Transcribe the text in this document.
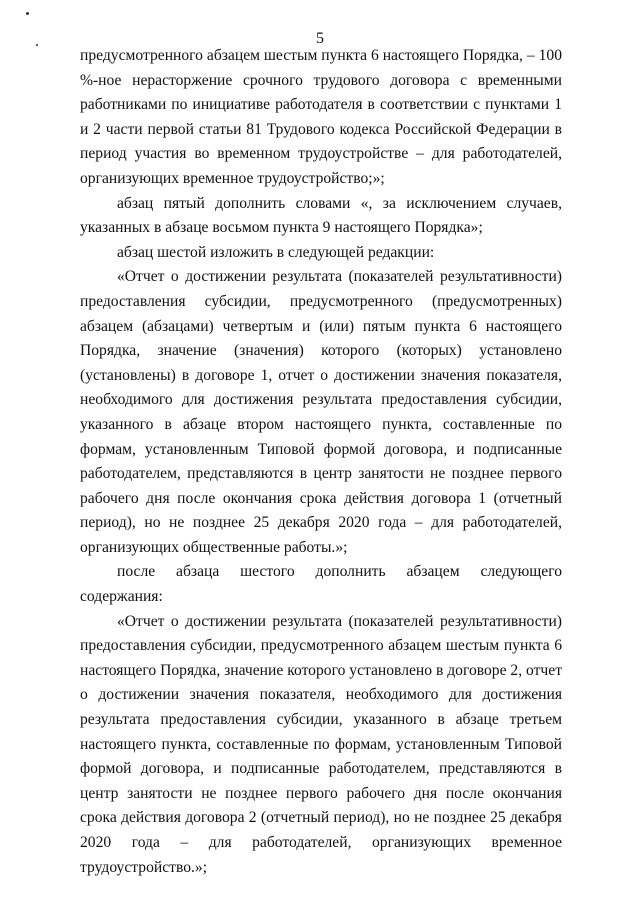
5

предусмотренного абзацем шестым пункта 6 настоящего Порядка, – 100 %-ное нерасторжение срочного трудового договора с временными работниками по инициативе работодателя в соответствии с пунктами 1 и 2 части первой статьи 81 Трудового кодекса Российской Федерации в период участия во временном трудоустройстве – для работодателей, организующих временное трудоустройство;»;

абзац пятый дополнить словами «, за исключением случаев, указанных в абзаце восьмом пункта 9 настоящего Порядка»;

абзац шестой изложить в следующей редакции:

«Отчет о достижении результата (показателей результативности) предоставления субсидии, предусмотренного (предусмотренных) абзацем (абзацами) четвертым и (или) пятым пункта 6 настоящего Порядка, значение (значения) которого (которых) установлено (установлены) в договоре 1, отчет о достижении значения показателя, необходимого для достижения результата предоставления субсидии, указанного в абзаце втором настоящего пункта, составленные по формам, установленным Типовой формой договора, и подписанные работодателем, представляются в центр занятости не позднее первого рабочего дня после окончания срока действия договора 1 (отчетный период), но не позднее 25 декабря 2020 года – для работодателей, организующих общественные работы.»;

после абзаца шестого дополнить абзацем следующего содержания:

«Отчет о достижении результата (показателей результативности) предоставления субсидии, предусмотренного абзацем шестым пункта 6 настоящего Порядка, значение которого установлено в договоре 2, отчет о достижении значения показателя, необходимого для достижения результата предоставления субсидии, указанного в абзаце третьем настоящего пункта, составленные по формам, установленным Типовой формой договора, и подписанные работодателем, представляются в центр занятости не позднее первого рабочего дня после окончания срока действия договора 2 (отчетный период), но не позднее 25 декабря 2020 года – для работодателей, организующих временное трудоустройство.»;
